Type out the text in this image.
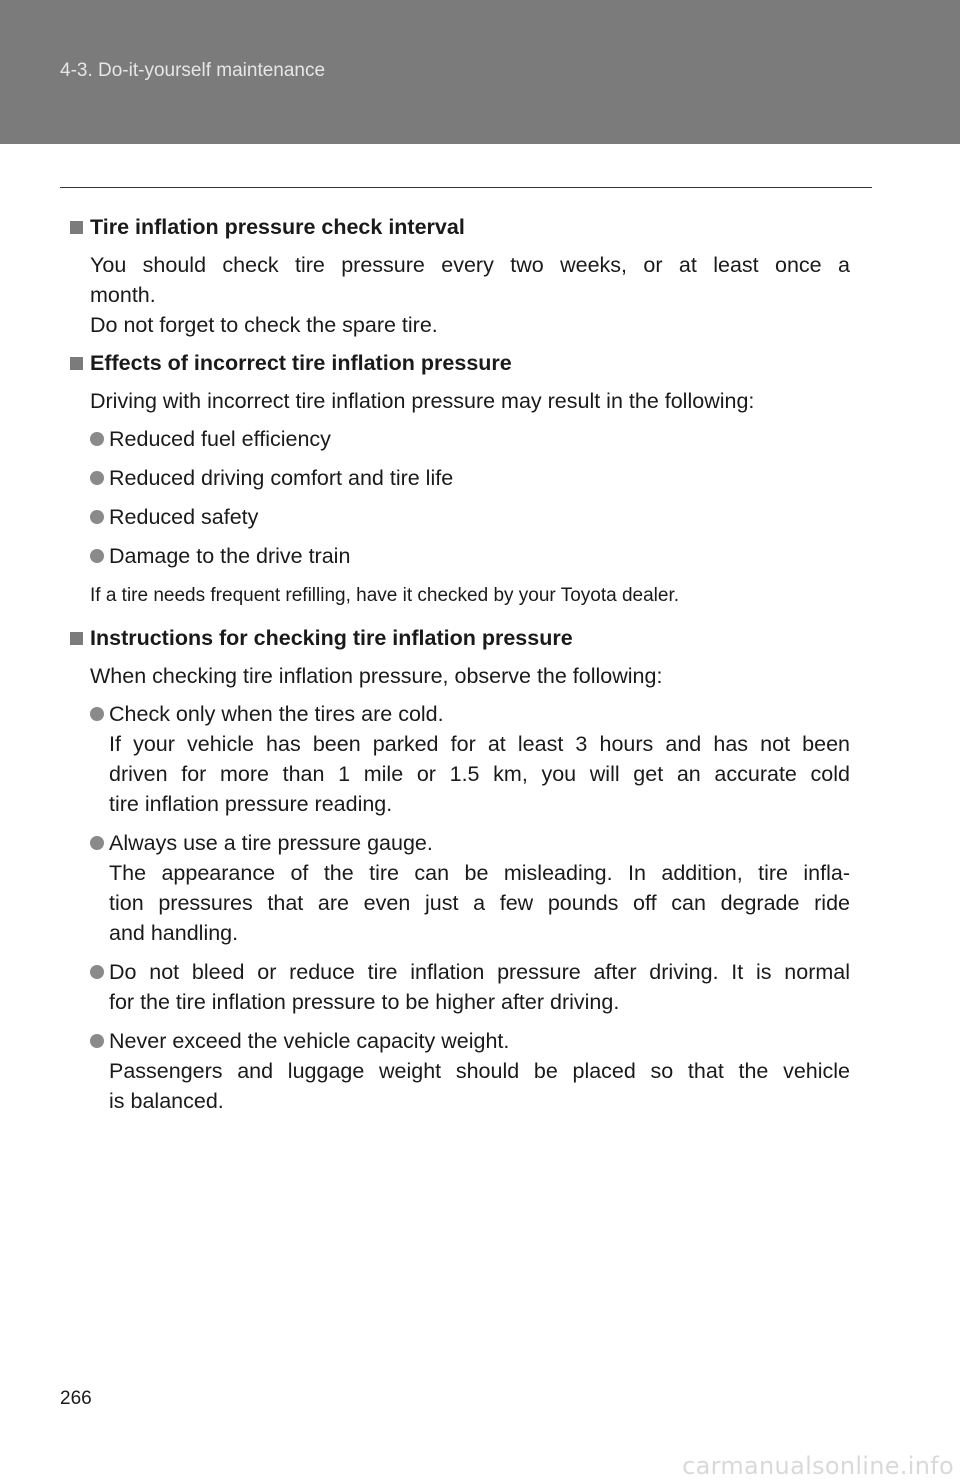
4-3. Do-it-yourself maintenance
Tire inflation pressure check interval
You should check tire pressure every two weeks, or at least once a
month.
Do not forget to check the spare tire.
Effects of incorrect tire inflation pressure
Driving with incorrect tire inflation pressure may result in the following:
Reduced fuel efficiency
Reduced driving comfort and tire life
Reduced safety
Damage to the drive train
If a tire needs frequent refilling, have it checked by your Toyota dealer.
Instructions for checking tire inflation pressure
When checking tire inflation pressure, observe the following:
Check only when the tires are cold.
If your vehicle has been parked for at least 3 hours and has not been
driven for more than 1 mile or 1.5 km, you will get an accurate cold
tire inflation pressure reading.
Always use a tire pressure gauge.
The appearance of the tire can be misleading. In addition, tire infla-
tion pressures that are even just a few pounds off can degrade ride
and handling.
Do not bleed or reduce tire inflation pressure after driving. It is normal
for the tire inflation pressure to be higher after driving.
Never exceed the vehicle capacity weight.
Passengers and luggage weight should be placed so that the vehicle
is balanced.
266
carmanualsonline.info
